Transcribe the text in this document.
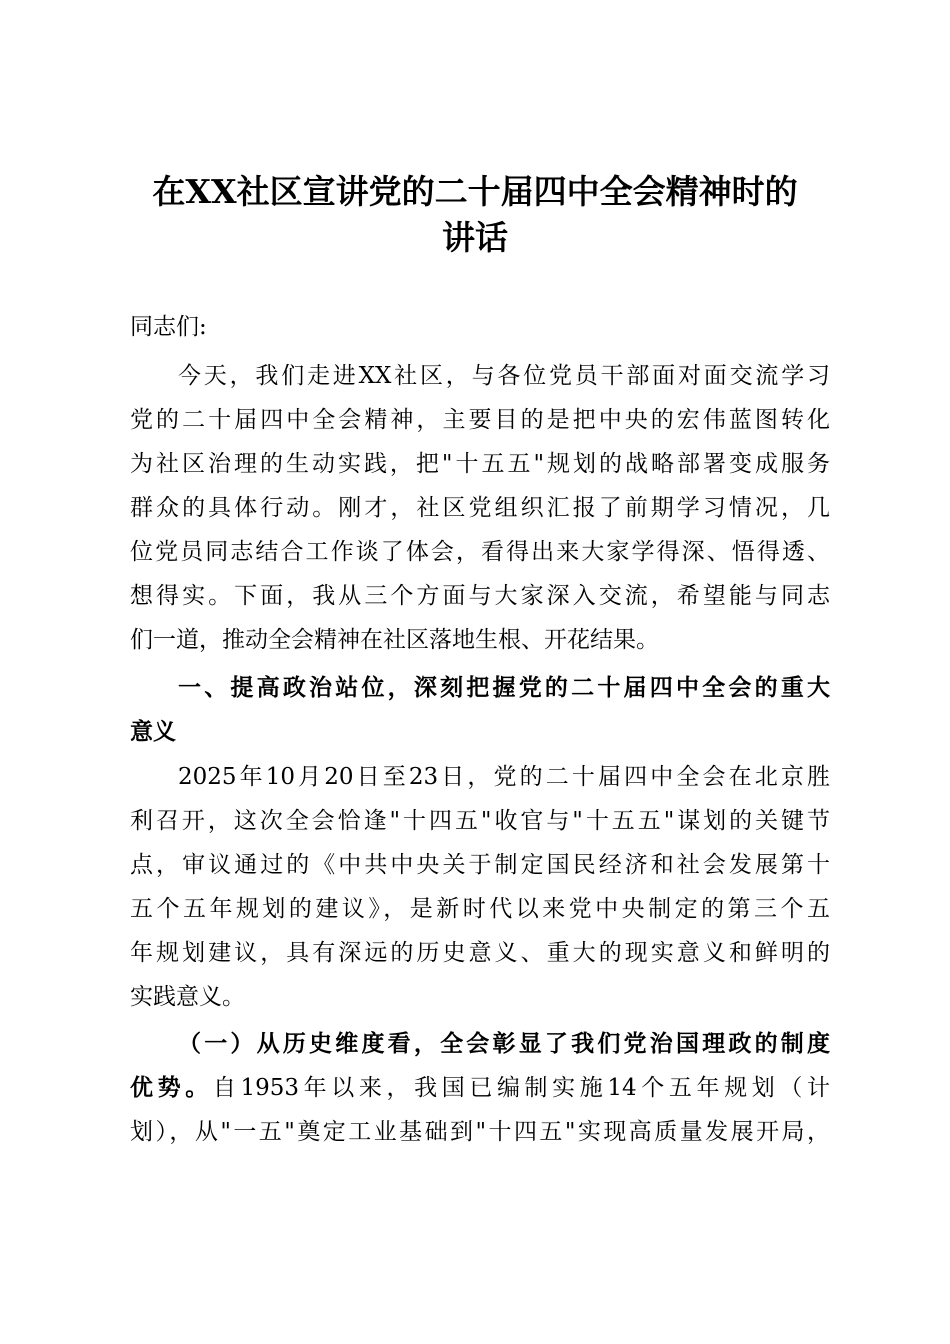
在XX社区宣讲党的二十届四中全会精神时的
讲话
同志们:
今天，我们走进XX社区，与各位党员干部面对面交流学习
党的二十届四中全会精神，主要目的是把中央的宏伟蓝图转化
为社区治理的生动实践，把"十五五"规划的战略部署变成服务
群众的具体行动。刚才，社区党组织汇报了前期学习情况，几
位党员同志结合工作谈了体会，看得出来大家学得深、悟得透、
想得实。下面，我从三个方面与大家深入交流，希望能与同志
们一道，推动全会精神在社区落地生根、开花结果。
一、提高政治站位，深刻把握党的二十届四中全会的重大
意义
2025年10月20日至23日，党的二十届四中全会在北京胜
利召开，这次全会恰逢"十四五"收官与"十五五"谋划的关键节
点，审议通过的《中共中央关于制定国民经济和社会发展第十
五个五年规划的建议》，是新时代以来党中央制定的第三个五
年规划建议，具有深远的历史意义、重大的现实意义和鲜明的
实践意义。
（一）从历史维度看，全会彰显了我们党治国理政的制度
优势。自1953年以来，我国已编制实施14个五年规划（计
划），从"一五"奠定工业基础到"十四五"实现高质量发展开局，
